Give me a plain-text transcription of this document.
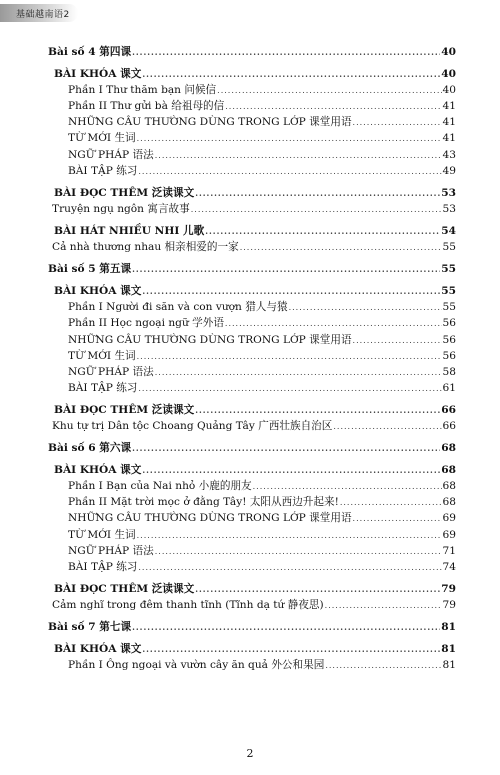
基础越南语2
Bài số 4 第四课 .....	40
BÀI KHÓA 课文 .....	40
Phần I Thư thăm bạn 问候信 .....	40
Phần II Thư gửi bà 给祖母的信 .....	41
NHỮNG CÂU THƯỜNG DÙNG TRONG LỚP 课堂用语 .....	41
TỪ MỚI 生词 .....	41
NGỮ PHÁP 语法 .....	43
BÀI TẬP 练习 .....	49
BÀI ĐỌC THÊM 泛读课文 .....	53
Truyện ngụ ngôn 寓言故事 .....	53
BÀI HÁT NHIỀU NHI 儿歌 .....	54
Cả nhà thương nhau 相亲相爱的一家 .....	55
Bài số 5 第五课 .....	55
BÀI KHÓA 课文 .....	55
Phần I Người đi săn và con vượn 猎人与猿 .....	55
Phần II Học ngoại ngữ 学外语 .....	56
NHỮNG CÂU THƯỜNG DÙNG TRONG LỚP 课堂用语 .....	56
TỪ MỚI 生词 .....	56
NGỮ PHÁP 语法 .....	58
BÀI TẬP 练习 .....	61
BÀI ĐỌC THÊM 泛读课文 .....	66
Khu tự trị Dân tộc Choang Quảng Tây 广西壮族自治区 .....	66
Bài số 6 第六课 .....	68
BÀI KHÓA 课文 .....	68
Phần I Bạn của Nai nhỏ 小鹿的朋友 .....	68
Phần II Mặt trời mọc ở đằng Tây! 太阳从西边升起来! .....	68
NHỮNG CÂU THƯỜNG DÙNG TRONG LỚP 课堂用语 .....	69
TỪ MỚI 生词 .....	69
NGỮ PHÁP 语法 .....	71
BÀI TẬP 练习 .....	74
BÀI ĐỌC THÊM 泛读课文 .....	79
Cảm nghĩ trong đêm thanh tĩnh (Tĩnh dạ tứ 静夜思) .....	79
Bài số 7 第七课 .....	81
BÀI KHÓA 课文 .....	81
Phần I Ông ngoại và vườn cây ăn quả 外公和果园 .....	81
2
